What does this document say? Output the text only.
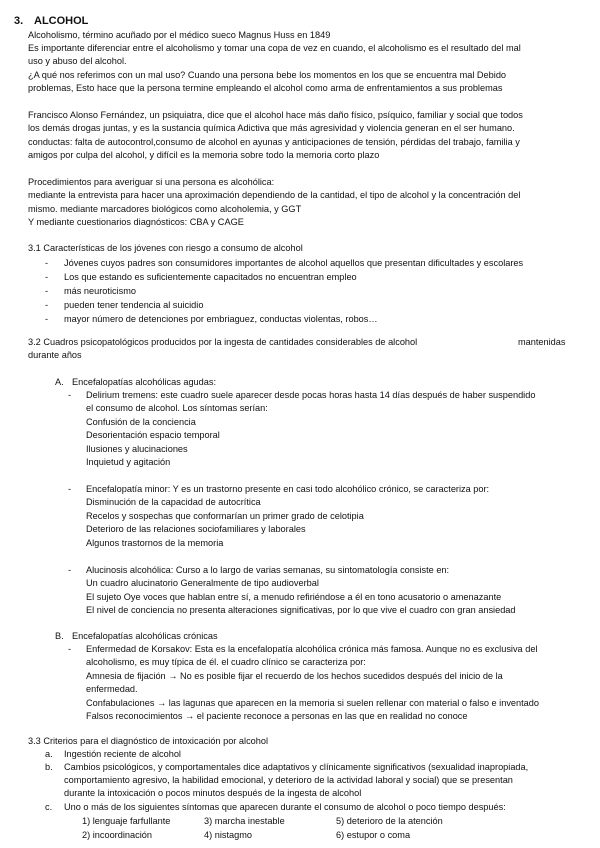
3. ALCOHOL
Alcoholismo, término acuñado por el médico sueco Magnus Huss en 1849
Es importante diferenciar entre el alcoholismo y tomar una copa de vez en cuando, el alcoholismo es el resultado del mal
uso y abuso del alcohol.
¿A qué nos referimos con un mal uso? Cuando una persona bebe los momentos en los que se encuentra mal Debido
problemas, Esto hace que la persona termine empleando el alcohol como arma de enfrentamientos a sus problemas
Francisco Alonso Fernández, un psiquiatra, dice que el alcohol hace más daño físico, psíquico, familiar y social que todos
los demás drogas juntas, y es la sustancia química Adictiva que más agresividad y violencia generan en el ser humano.
conductas: falta de autocontrol,consumo de alcohol en ayunas y anticipaciones de tensión, pérdidas del trabajo, familia y
amigos por culpa del alcohol, y difícil es la memoria sobre todo la memoria corto plazo
Procedimientos para averiguar si una persona es alcohólica:
mediante la entrevista para hacer una aproximación dependiendo de la cantidad, el tipo de alcohol y la concentración del
mismo. mediante marcadores biológicos como alcoholemia, y GGT
Y mediante cuestionarios diagnósticos: CBA y CAGE
3.1 Características de los jóvenes con riesgo a consumo de alcohol
- Jóvenes cuyos padres son consumidores importantes de alcohol aquellos que presentan dificultades y escolares
- Los que estando es suficientemente capacitados no encuentran empleo
- más neuroticismo
- pueden tener tendencia al suicidio
- mayor número de detenciones por embriaguez, conductas violentas, robos…
3.2 Cuadros psicopatológicos producidos por la ingesta de cantidades considerables de alcohol	mantenidas
durante años
A. Encefalopatías alcohólicas agudas:
- Delirium tremens: este cuadro suele aparecer desde pocas horas hasta 14 días después de haber suspendido
el consumo de alcohol. Los síntomas serían:
Confusión de la conciencia
Desorientación espacio temporal
Ilusiones y alucinaciones
Inquietud y agitación
- Encefalopatía minor: Y es un trastorno presente en casi todo alcohólico crónico, se caracteriza por:
Disminución de la capacidad de autocrítica
Recelos y sospechas que conformarían un primer grado de celotipia
Deterioro de las relaciones sociofamiliares y laborales
Algunos trastornos de la memoria
- Alucinosis alcohólica: Curso a lo largo de varias semanas, su sintomatología consiste en:
Un cuadro alucinatorio Generalmente de tipo audioverbal
El sujeto Oye voces que hablan entre sí, a menudo refiriéndose a él en tono acusatorio o amenazante
El nivel de conciencia no presenta alteraciones significativas, por lo que vive el cuadro con gran ansiedad
B. Encefalopatías alcohólicas crónicas
- Enfermedad de Korsakov: Esta es la encefalopatía alcohólica crónica más famosa. Aunque no es exclusiva del
alcoholismo, es muy típica de él. el cuadro clínico se caracteriza por:
Amnesia de fijación → No es posible fijar el recuerdo de los hechos sucedidos después del inicio de la
enfermedad.
Confabulaciones → las lagunas que aparecen en la memoria si suelen rellenar con material o falso e inventado
Falsos reconocimientos → el paciente reconoce a personas en las que en realidad no conoce
3.3 Criterios para el diagnóstico de intoxicación por alcohol
a. Ingestión reciente de alcohol
b. Cambios psicológicos, y comportamentales dice adaptativos y clínicamente significativos (sexualidad inapropiada,
comportamiento agresivo, la habilidad emocional, y deterioro de la actividad laboral y social) que se presentan
durante la intoxicación o pocos minutos después de la ingesta de alcohol
c. Uno o más de los siguientes síntomas que aparecen durante el consumo de alcohol o poco tiempo después:
1) lenguaje farfullante	3) marcha inestable	5) deterioro de la atención
2) incoordinación	4) nistagmo	6) estupor o coma
